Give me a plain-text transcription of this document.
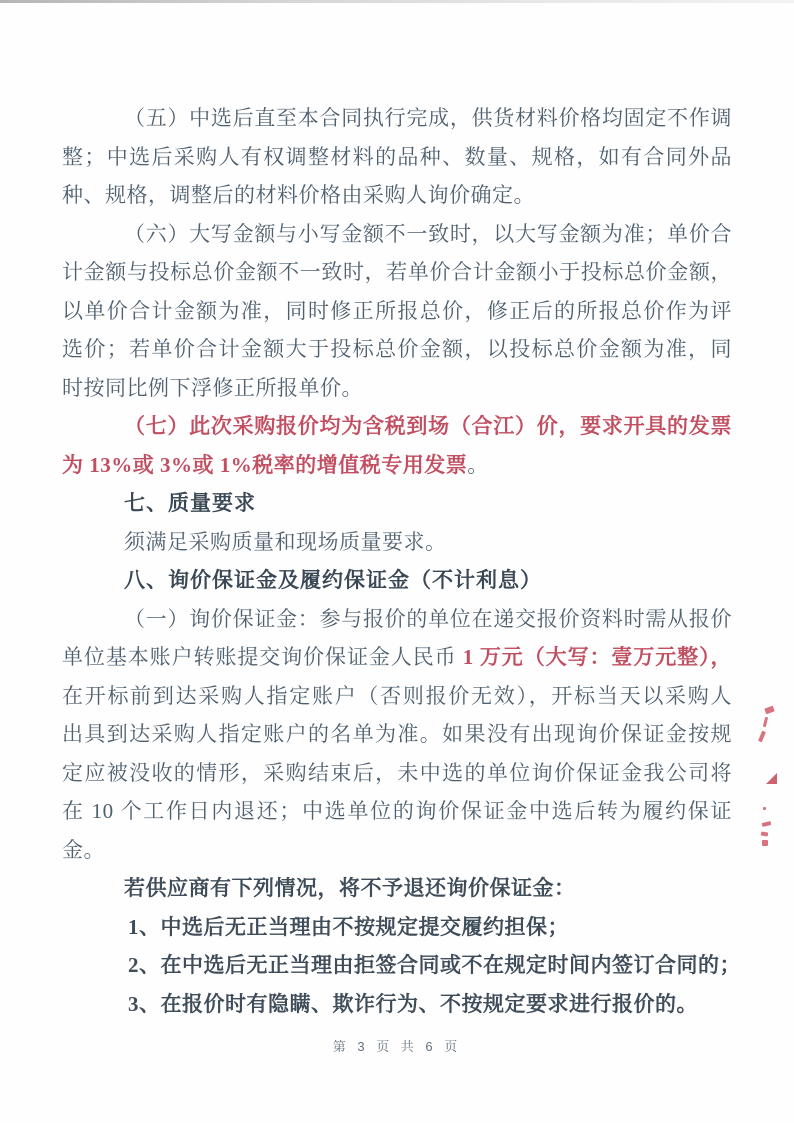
（五）中选后直至本合同执行完成，供货材料价格均固定不作调
整；中选后采购人有权调整材料的品种、数量、规格，如有合同外品
种、规格，调整后的材料价格由采购人询价确定。
（六）大写金额与小写金额不一致时，以大写金额为准；单价合
计金额与投标总价金额不一致时，若单价合计金额小于投标总价金额，
以单价合计金额为准，同时修正所报总价，修正后的所报总价作为评
选价；若单价合计金额大于投标总价金额，以投标总价金额为准，同
时按同比例下浮修正所报单价。
（七）此次采购报价均为含税到场（合江）价，要求开具的发票
为 13%或 3%或 1%税率的增值税专用发票。
七、质量要求
须满足采购质量和现场质量要求。
八、询价保证金及履约保证金（不计利息）
（一）询价保证金：参与报价的单位在递交报价资料时需从报价
单位基本账户转账提交询价保证金人民币 1 万元（大写：壹万元整），
在开标前到达采购人指定账户（否则报价无效），开标当天以采购人
出具到达采购人指定账户的名单为准。如果没有出现询价保证金按规
定应被没收的情形，采购结束后，未中选的单位询价保证金我公司将
在 10 个工作日内退还；中选单位的询价保证金中选后转为履约保证
金。
若供应商有下列情况，将不予退还询价保证金：
1、中选后无正当理由不按规定提交履约担保；
2、在中选后无正当理由拒签合同或不在规定时间内签订合同的；
3、在报价时有隐瞒、欺诈行为、不按规定要求进行报价的。
第 3 页 共 6 页
